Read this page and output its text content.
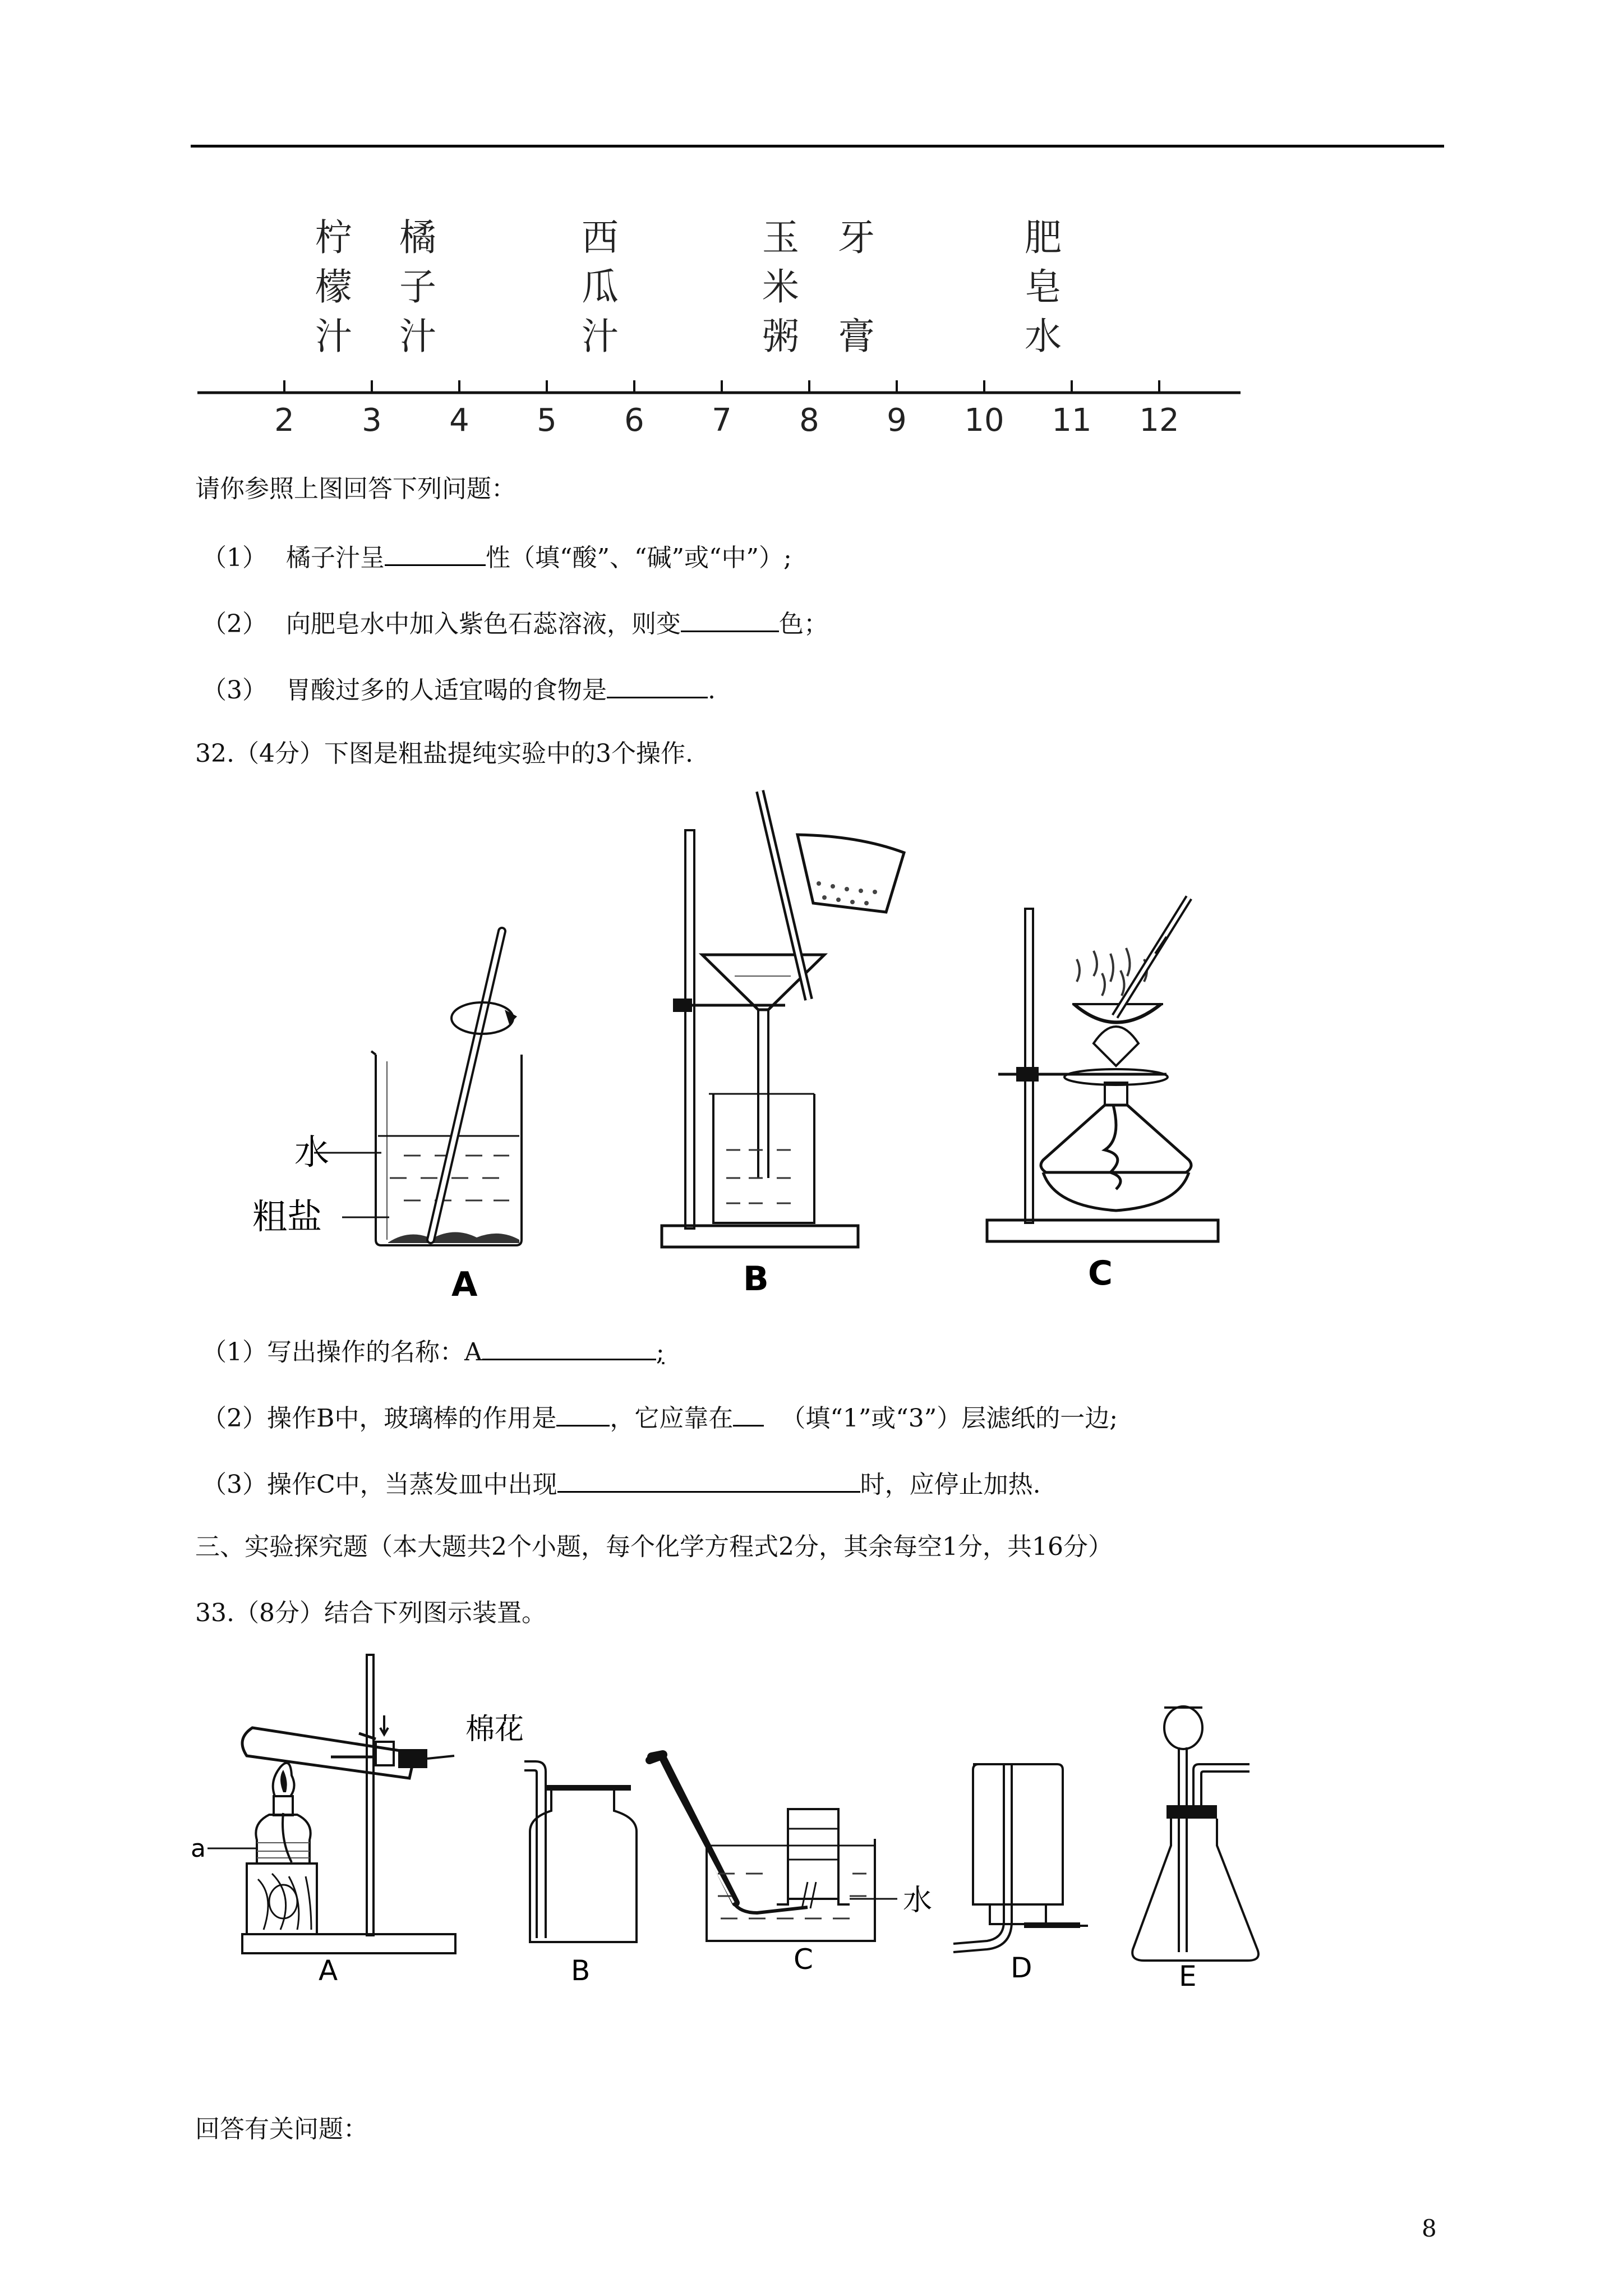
柠
檬
汁
橘
子
汁
西
瓜
汁
玉
米
粥
牙
膏
肥
皂
水
2 3 4 5 6 7 8 9 10 11 12
请你参照上图回答下列问题：
（1） 橘子汁呈	性（填“酸”、“碱”或“中”）;
（2） 向肥皂水中加入紫色石蕊溶液，则变	色；
（3） 胃酸过多的人适宜喝的食物是	.
32.（4分）下图是粗盐提纯实验中的3个操作.
水
粗盐
A	B	C
（1）写出操作的名称：A	;
（2）操作B中，玻璃棒的作用是 ，它应靠在 （填“1”或“3”）层滤纸的一边;
（3）操作C中，当蒸发皿中出现	时，应停止加热.
三、实验探究题（本大题共2个小题，每个化学方程式2分，其余每空1分，共16分）
33.（8分）结合下列图示装置。
a
棉花
A	B
水
C	D	E
回答有关问题：
8
